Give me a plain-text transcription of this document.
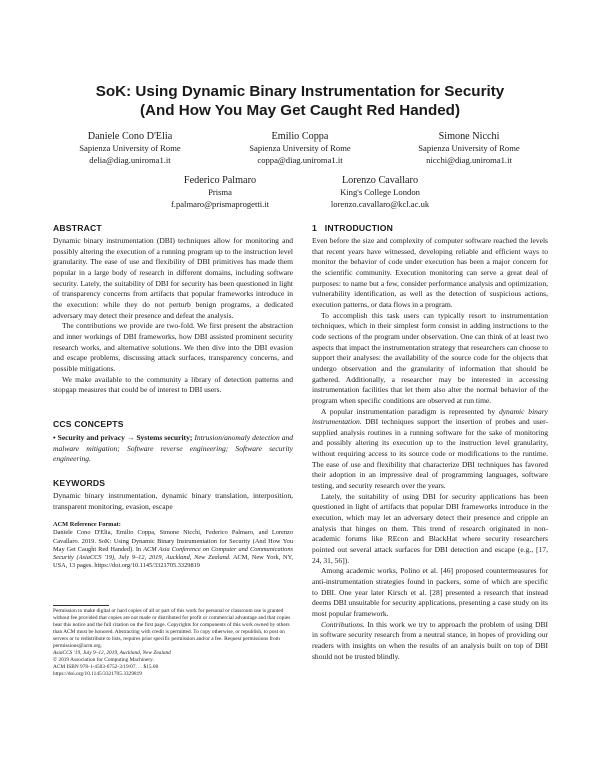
SoK: Using Dynamic Binary Instrumentation for Security
(And How You May Get Caught Red Handed)
Daniele Cono D'Elia
Sapienza University of Rome
delia@diag.uniroma1.it
Emilio Coppa
Sapienza University of Rome
coppa@diag.uniroma1.it
Simone Nicchi
Sapienza University of Rome
nicchi@diag.uniroma1.it
Federico Palmaro
Prisma
f.palmaro@prismaprogetti.it
Lorenzo Cavallaro
King's College London
lorenzo.cavallaro@kcl.ac.uk
ABSTRACT

Dynamic binary instrumentation (DBI) techniques allow for monitoring and possibly altering the execution of a running program up to the instruction level granularity. The ease of use and flexibility of DBI primitives has made them popular in a large body of research in different domains, including software security. Lately, the suitability of DBI for security has been questioned in light of transparency concerns from artifacts that popular frameworks introduce in the execution: while they do not perturb benign programs, a dedicated adversary may detect their presence and defeat the analysis.

The contributions we provide are two-fold. We first present the abstraction and inner workings of DBI frameworks, how DBI assisted prominent security research works, and alternative solutions. We then dive into the DBI evasion and escape problems, discussing attack surfaces, transparency concerns, and possible mitigations.

We make available to the community a library of detection patterns and stopgap measures that could be of interest to DBI users.

CCS CONCEPTS

• Security and privacy → Systems security; Intrusion/anomaly detection and malware mitigation; Software reverse engineering; Software security engineering.

KEYWORDS

Dynamic binary instrumentation, dynamic binary translation, interposition, transparent monitoring, evasion, escape

ACM Reference Format:

Daniele Cono D'Elia, Emilio Coppa, Simone Nicchi, Federico Palmaro, and Lorenzo Cavallaro. 2019. SoK: Using Dynamic Binary Instrumentation for Security (And How You May Get Caught Red Handed). In ACM Asia Conference on Computer and Communications Security (AsiaCCS '19), July 9–12, 2019, Auckland, New Zealand. ACM, New York, NY, USA, 13 pages. https://doi.org/10.1145/3321705.3329819

Permission to make digital or hard copies of all or part of this work for personal or classroom use is granted without fee provided that copies are not made or distributed for profit or commercial advantage and that copies bear this notice and the full citation on the first page. Copyrights for components of this work owned by others than ACM must be honored. Abstracting with credit is permitted. To copy otherwise, or republish, to post on servers or to redistribute to lists, requires prior specific permission and/or a fee. Request permissions from permissions@acm.org.

AsiaCCS '19, July 9–12, 2019, Auckland, New Zealand

© 2019 Association for Computing Machinery.

ACM ISBN 978-1-4503-6752-3/19/07. . . $15.00

https://doi.org/10.1145/3321705.3329819

1 INTRODUCTION

Even before the size and complexity of computer software reached the levels that recent years have witnessed, developing reliable and efficient ways to monitor the behavior of code under execution has been a major concern for the scientific community. Execution monitoring can serve a great deal of purposes: to name but a few, consider performance analysis and optimization, vulnerability identification, as well as the detection of suspicious actions, execution patterns, or data flows in a program.

To accomplish this task users can typically resort to instrumentation techniques, which in their simplest form consist in adding instructions to the code sections of the program under observation. One can think of at least two aspects that impact the instrumentation strategy that researchers can choose to support their analyses: the availability of the source code for the objects that undergo observation and the granularity of information that should be gathered. Additionally, a researcher may be interested in accessing instrumentation facilities that let them also alter the normal behavior of the program when specific conditions are observed at run time.

A popular instrumentation paradigm is represented by dynamic binary instrumentation. DBI techniques support the insertion of probes and user-supplied analysis routines in a running software for the sake of monitoring and possibly altering its execution up to the instruction level granularity, without requiring access to its source code or modifications to the runtime. The ease of use and flexibility that characterize DBI techniques has favored their adoption in an impressive deal of programming languages, software testing, and security research over the years.

Lately, the suitability of using DBI for security applications has been questioned in light of artifacts that popular DBI frameworks introduce in the execution, which may let an adversary detect their presence and cripple an analysis that hinges on them. This trend of research originated in non-academic forums like REcon and BlackHat where security researchers pointed out several attack surfaces for DBI detection and escape (e.g., [17, 24, 31, 56]).

Among academic works, Polino et al. [46] proposed countermeasures for anti-instrumentation strategies found in packers, some of which are specific to DBI. One year later Kirsch et al. [28] presented a research that instead deems DBI unsuitable for security applications, presenting a case study on its most popular framework.

Contributions. In this work we try to approach the problem of using DBI in software security research from a neutral stance, in hopes of providing our readers with insights on when the results of an analysis built on top of DBI should not be trusted blindly.
